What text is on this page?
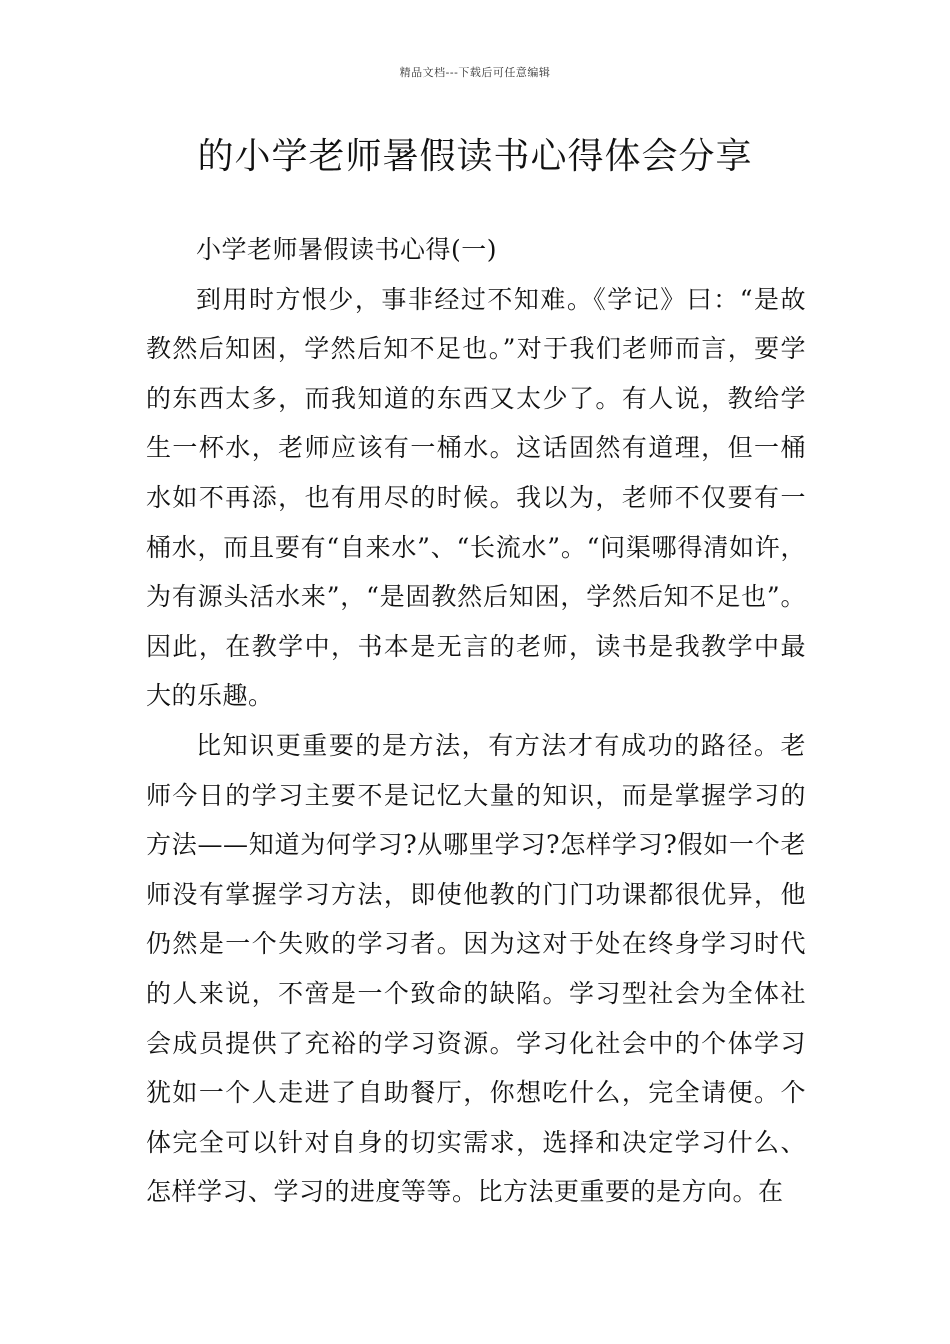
精品文档---下载后可任意编辑
的小学老师暑假读书心得体会分享

小学老师暑假读书心得(一)

到用时方恨少，事非经过不知难。《学记》曰：“是故教然后知困，学然后知不足也。”对于我们老师而言，要学的东西太多，而我知道的东西又太少了。有人说，教给学生一杯水，老师应该有一桶水。这话固然有道理，但一桶水如不再添，也有用尽的时候。我以为，老师不仅要有一桶水，而且要有“自来水”、“长流水”。“问渠哪得清如许，为有源头活水来”，“是固教然后知困，学然后知不足也”。因此，在教学中，书本是无言的老师，读书是我教学中最大的乐趣。

比知识更重要的是方法，有方法才有成功的路径。老师今日的学习主要不是记忆大量的知识，而是掌握学习的方法——知道为何学习?从哪里学习?怎样学习?假如一个老师没有掌握学习方法，即使他教的门门功课都很优异，他仍然是一个失败的学习者。因为这对于处在终身学习时代的人来说，不啻是一个致命的缺陷。学习型社会为全体社会成员提供了充裕的学习资源。学习化社会中的个体学习犹如一个人走进了自助餐厅，你想吃什么，完全请便。个体完全可以针对自身的切实需求，选择和决定学习什么、怎样学习、学习的进度等等。比方法更重要的是方向。在
